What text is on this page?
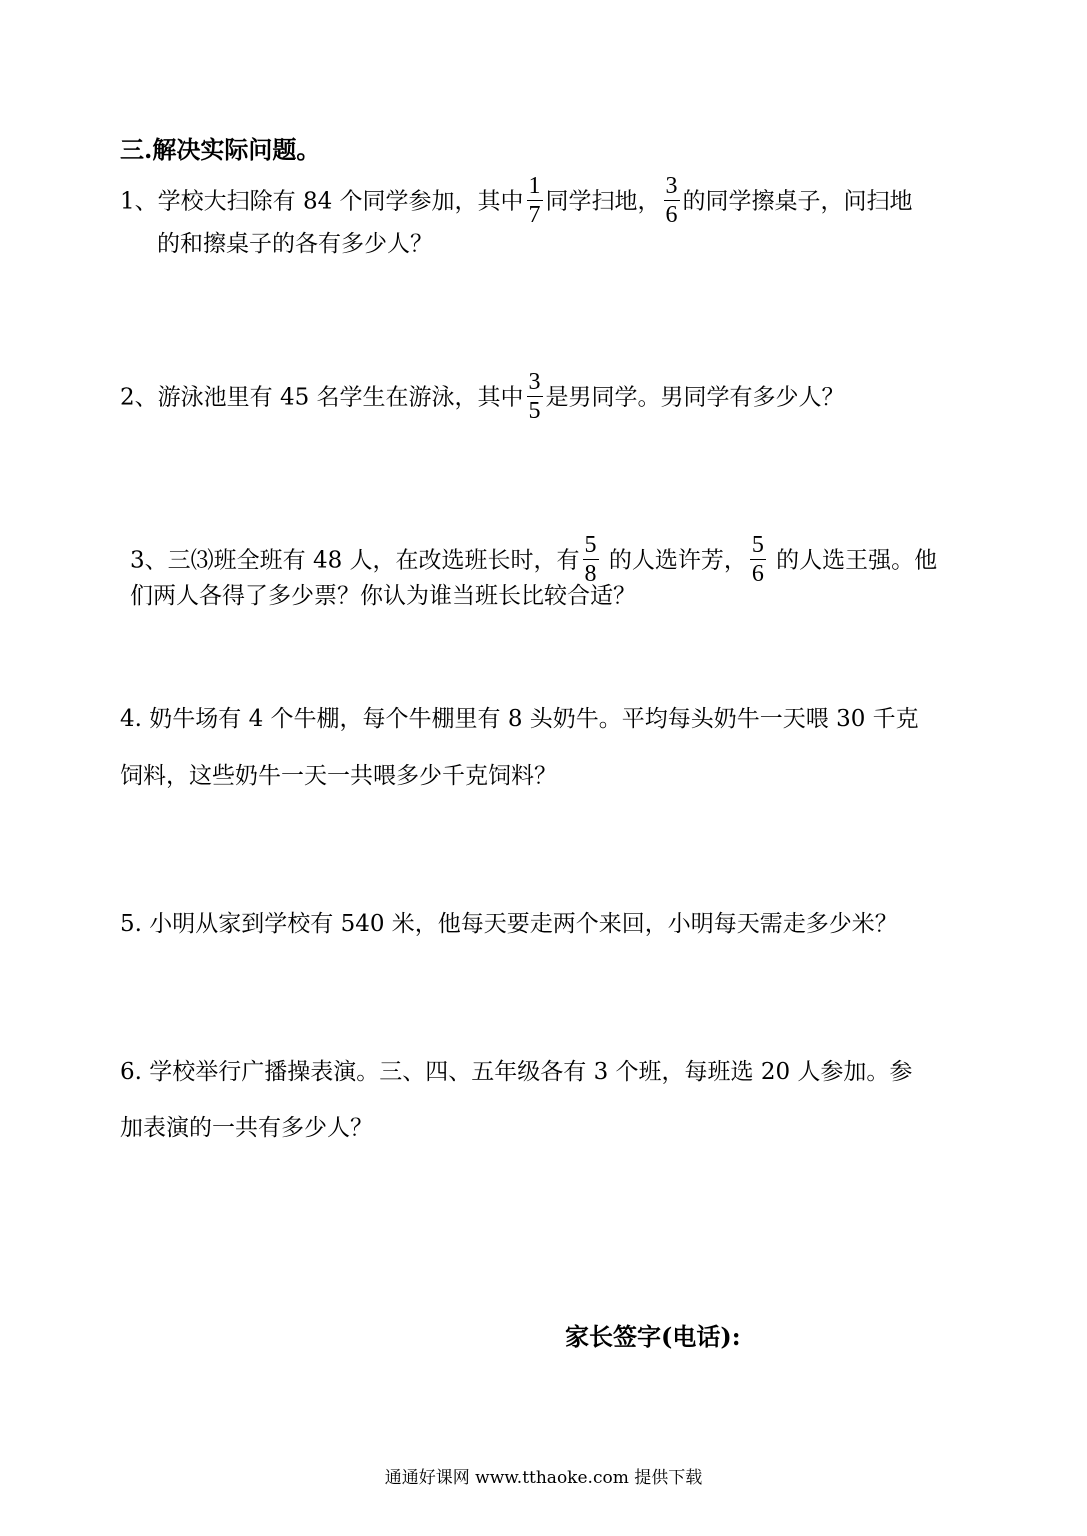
三.解决实际问题。
1、学校大扫除有 84 个同学参加，其中 $\frac{1}{7}$ 同学扫地， $\frac{3}{6}$ 的同学擦桌子，问扫地
的和擦桌子的各有多少人？
2、游泳池里有 45 名学生在游泳，其中 $\frac{3}{5}$ 是男同学。男同学有多少人？
3、三⑶班全班有 48 人，在改选班长时，有 $\frac{5}{8}$ 的人选许芳， $\frac{5}{6}$ 的人选王强。他
们两人各得了多少票？你认为谁当班长比较合适？
4. 奶牛场有 4 个牛棚，每个牛棚里有 8 头奶牛。平均每头奶牛一天喂 30 千克
饲料，这些奶牛一天一共喂多少千克饲料？
5. 小明从家到学校有 540 米，他每天要走两个来回，小明每天需走多少米？
6. 学校举行广播操表演。三、四、五年级各有 3 个班，每班选 20 人参加。参
加表演的一共有多少人？
家长签字(电话):
通通好课网 www.tthaoke.com 提供下载
